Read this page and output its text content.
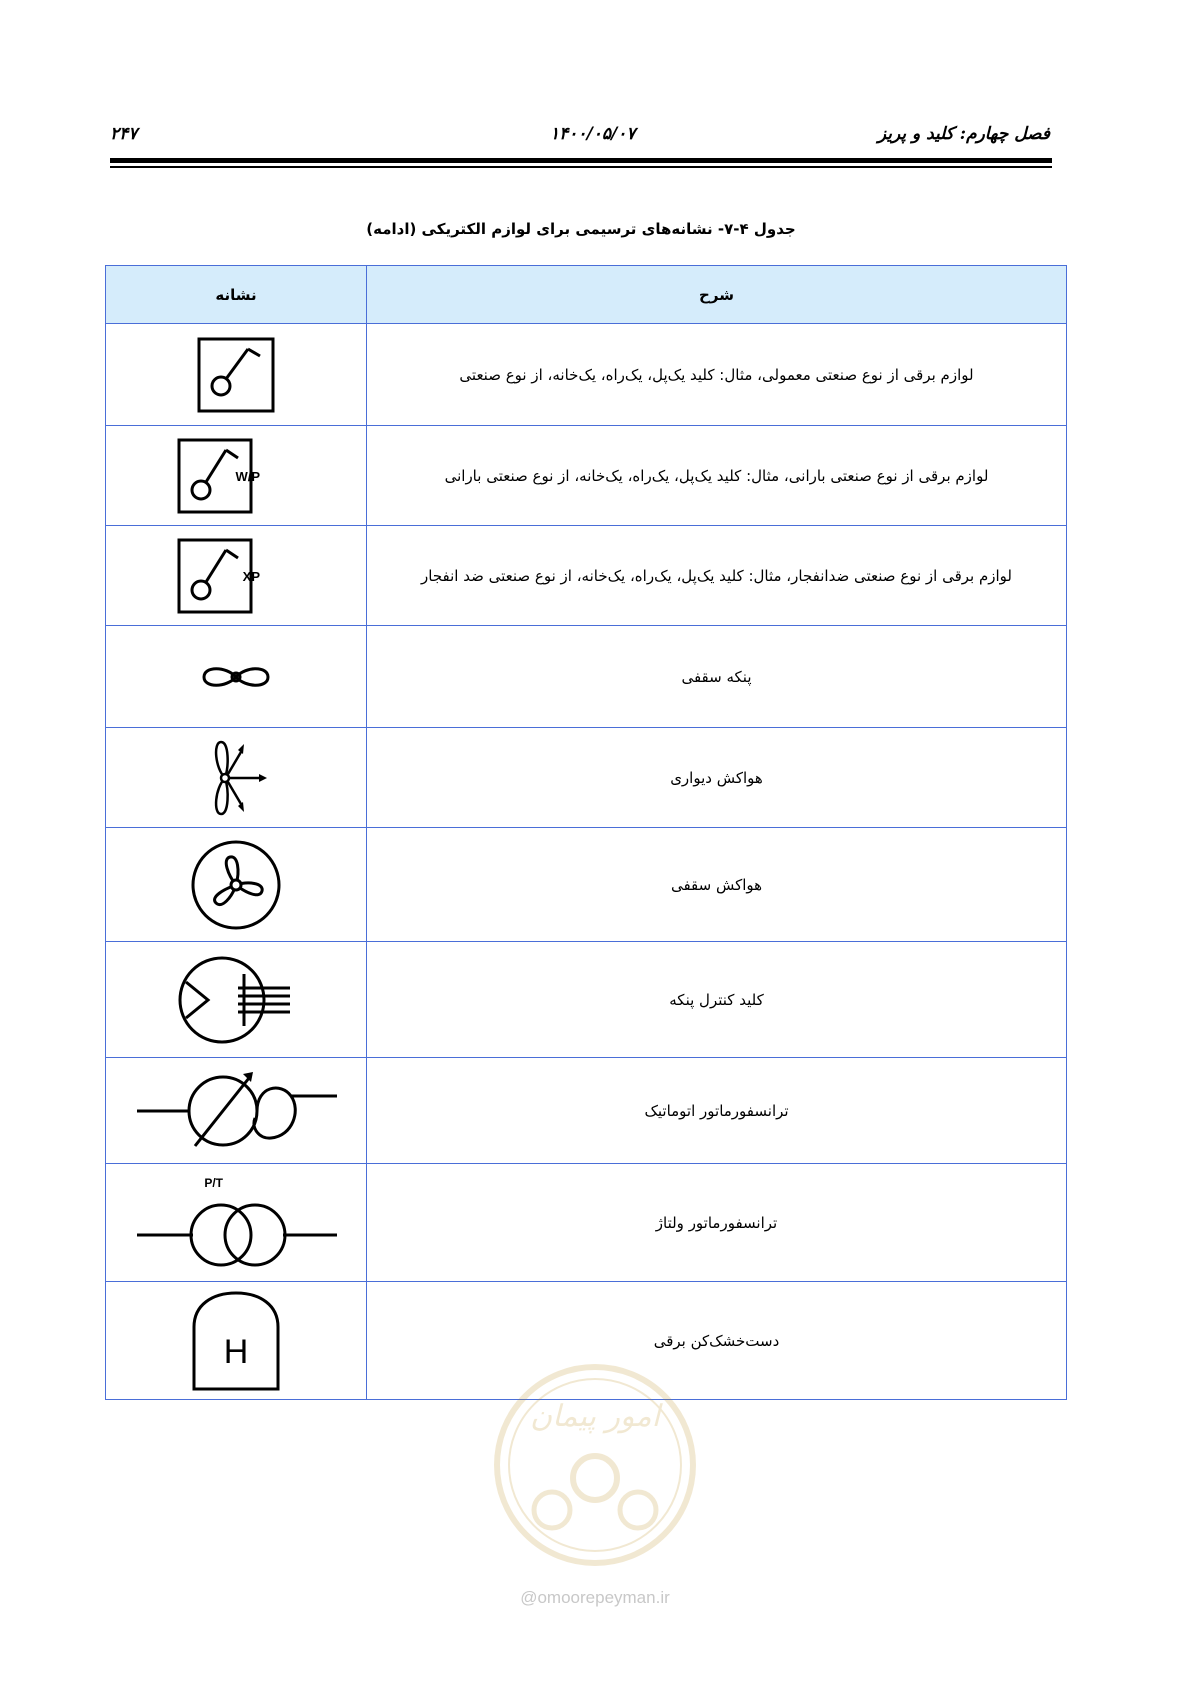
فصل چهارم: کلید و پریز
۱۴۰۰/۰۵/۰۷
۲۴۷
جدول ۴-۷- نشانه‌های ترسیمی برای لوازم الکتریکی (ادامه)
شرح	نشانه
لوازم برقی از نوع صنعتی معمولی، مثال: کلید یک‌پل، یک‌راه، یک‌خانه، از نوع صنعتی	

لوازم برقی از نوع صنعتی بارانی، مثال: کلید یک‌پل، یک‌راه، یک‌خانه، از نوع صنعتی بارانی	W/P

لوازم برقی از نوع صنعتی ضدانفجار، مثال: کلید یک‌پل، یک‌راه، یک‌خانه، از نوع صنعتی ضد انفجار	XP

پنکه سقفی	

هواکش دیواری	

هواکش سقفی	

کلید کنترل پنکه	

ترانسفورماتور اتوماتیک	

ترانسفورماتور ولتاژ	P/T

دست‌خشک‌کن برقی	H
امور پیمان
@omoorepeyman.ir
